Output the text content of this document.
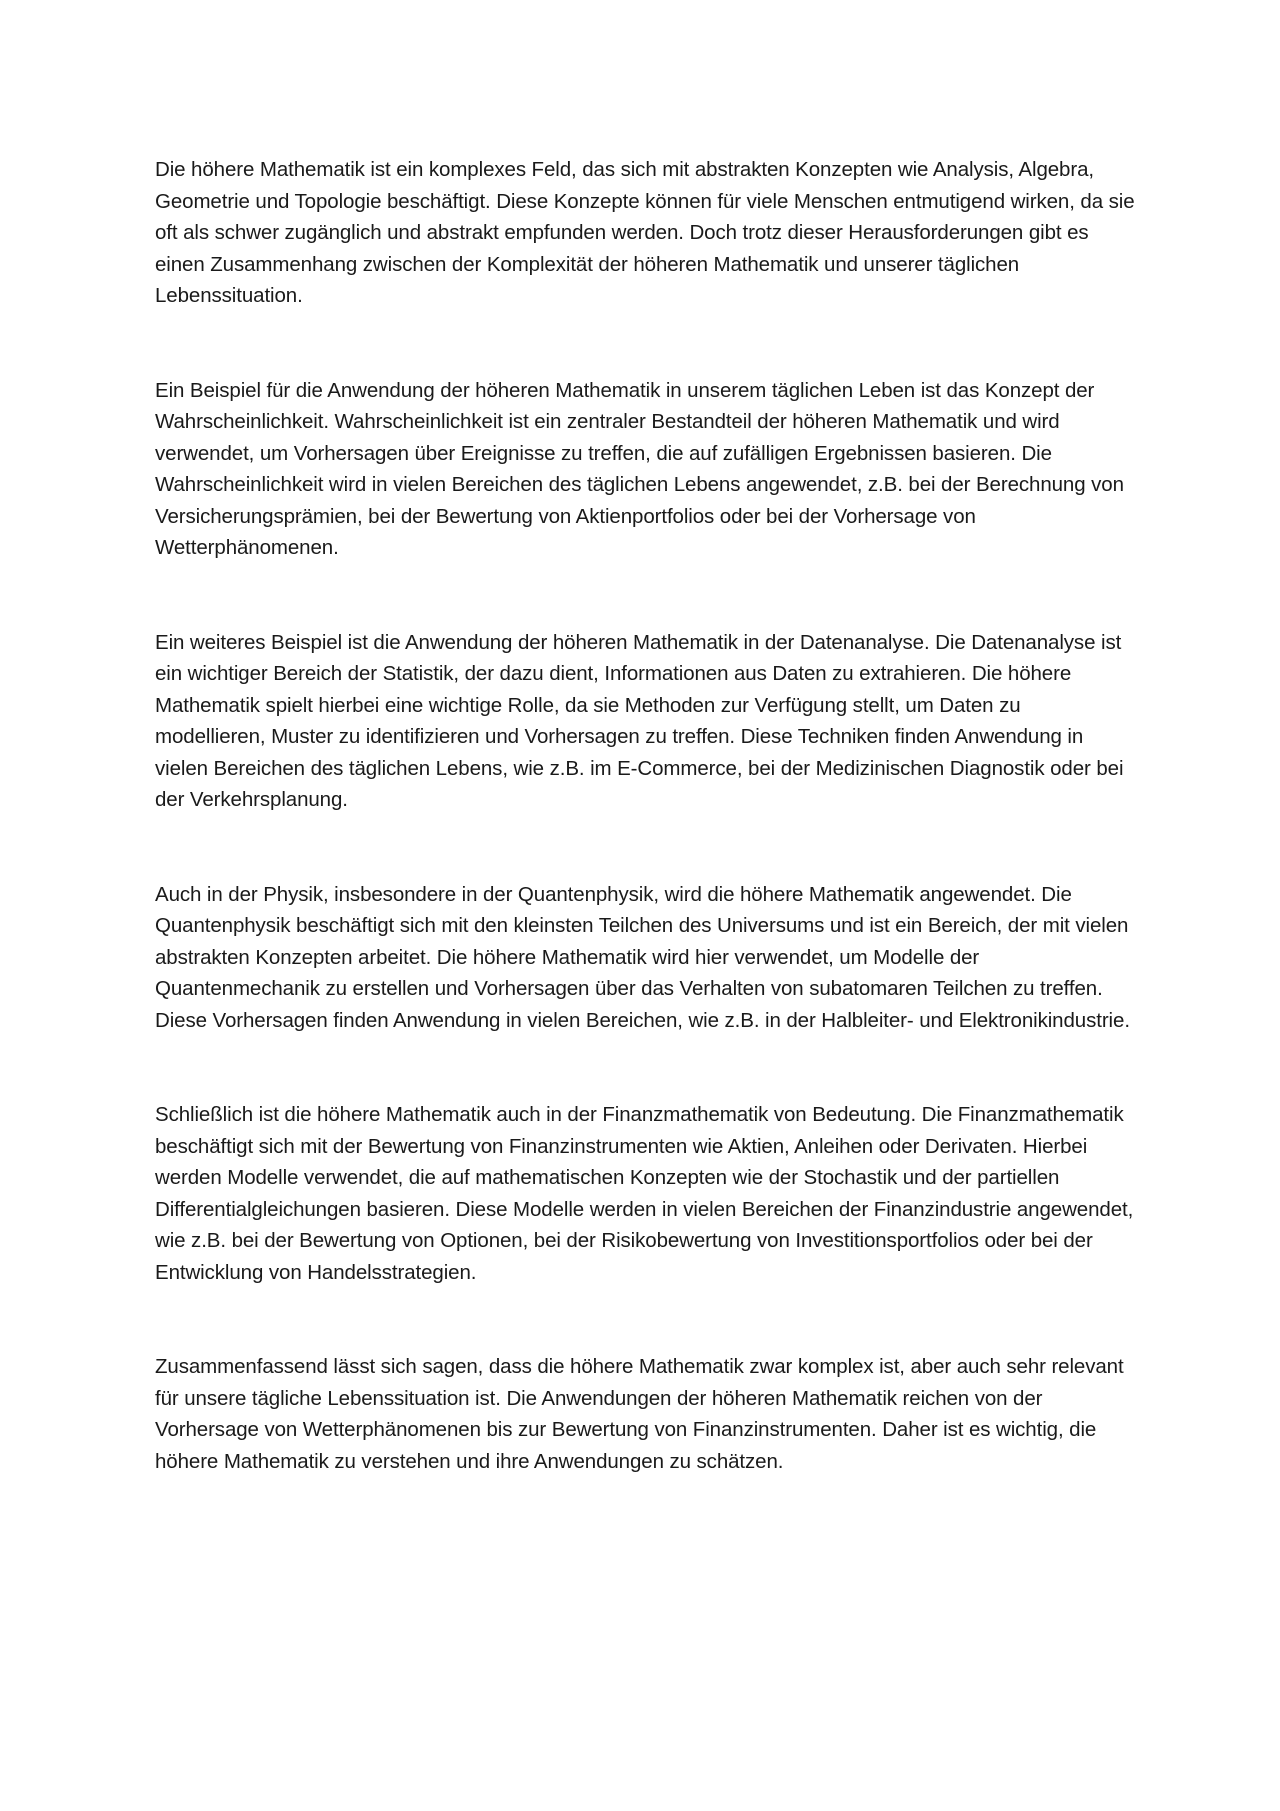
Die höhere Mathematik ist ein komplexes Feld, das sich mit abstrakten Konzepten wie Analysis, Algebra, Geometrie und Topologie beschäftigt. Diese Konzepte können für viele Menschen entmutigend wirken, da sie oft als schwer zugänglich und abstrakt empfunden werden. Doch trotz dieser Herausforderungen gibt es einen Zusammenhang zwischen der Komplexität der höheren Mathematik und unserer täglichen Lebenssituation.

Ein Beispiel für die Anwendung der höheren Mathematik in unserem täglichen Leben ist das Konzept der Wahrscheinlichkeit. Wahrscheinlichkeit ist ein zentraler Bestandteil der höheren Mathematik und wird verwendet, um Vorhersagen über Ereignisse zu treffen, die auf zufälligen Ergebnissen basieren. Die Wahrscheinlichkeit wird in vielen Bereichen des täglichen Lebens angewendet, z.B. bei der Berechnung von Versicherungsprämien, bei der Bewertung von Aktienportfolios oder bei der Vorhersage von Wetterphänomenen.

Ein weiteres Beispiel ist die Anwendung der höheren Mathematik in der Datenanalyse. Die Datenanalyse ist ein wichtiger Bereich der Statistik, der dazu dient, Informationen aus Daten zu extrahieren. Die höhere Mathematik spielt hierbei eine wichtige Rolle, da sie Methoden zur Verfügung stellt, um Daten zu modellieren, Muster zu identifizieren und Vorhersagen zu treffen. Diese Techniken finden Anwendung in vielen Bereichen des täglichen Lebens, wie z.B. im E-Commerce, bei der Medizinischen Diagnostik oder bei der Verkehrsplanung.

Auch in der Physik, insbesondere in der Quantenphysik, wird die höhere Mathematik angewendet. Die Quantenphysik beschäftigt sich mit den kleinsten Teilchen des Universums und ist ein Bereich, der mit vielen abstrakten Konzepten arbeitet. Die höhere Mathematik wird hier verwendet, um Modelle der Quantenmechanik zu erstellen und Vorhersagen über das Verhalten von subatomaren Teilchen zu treffen. Diese Vorhersagen finden Anwendung in vielen Bereichen, wie z.B. in der Halbleiter- und Elektronikindustrie.

Schließlich ist die höhere Mathematik auch in der Finanzmathematik von Bedeutung. Die Finanzmathematik beschäftigt sich mit der Bewertung von Finanzinstrumenten wie Aktien, Anleihen oder Derivaten. Hierbei werden Modelle verwendet, die auf mathematischen Konzepten wie der Stochastik und der partiellen Differentialgleichungen basieren. Diese Modelle werden in vielen Bereichen der Finanzindustrie angewendet, wie z.B. bei der Bewertung von Optionen, bei der Risikobewertung von Investitionsportfolios oder bei der Entwicklung von Handelsstrategien.

Zusammenfassend lässt sich sagen, dass die höhere Mathematik zwar komplex ist, aber auch sehr relevant für unsere tägliche Lebenssituation ist. Die Anwendungen der höheren Mathematik reichen von der Vorhersage von Wetterphänomenen bis zur Bewertung von Finanzinstrumenten. Daher ist es wichtig, die höhere Mathematik zu verstehen und ihre Anwendungen zu schätzen.
